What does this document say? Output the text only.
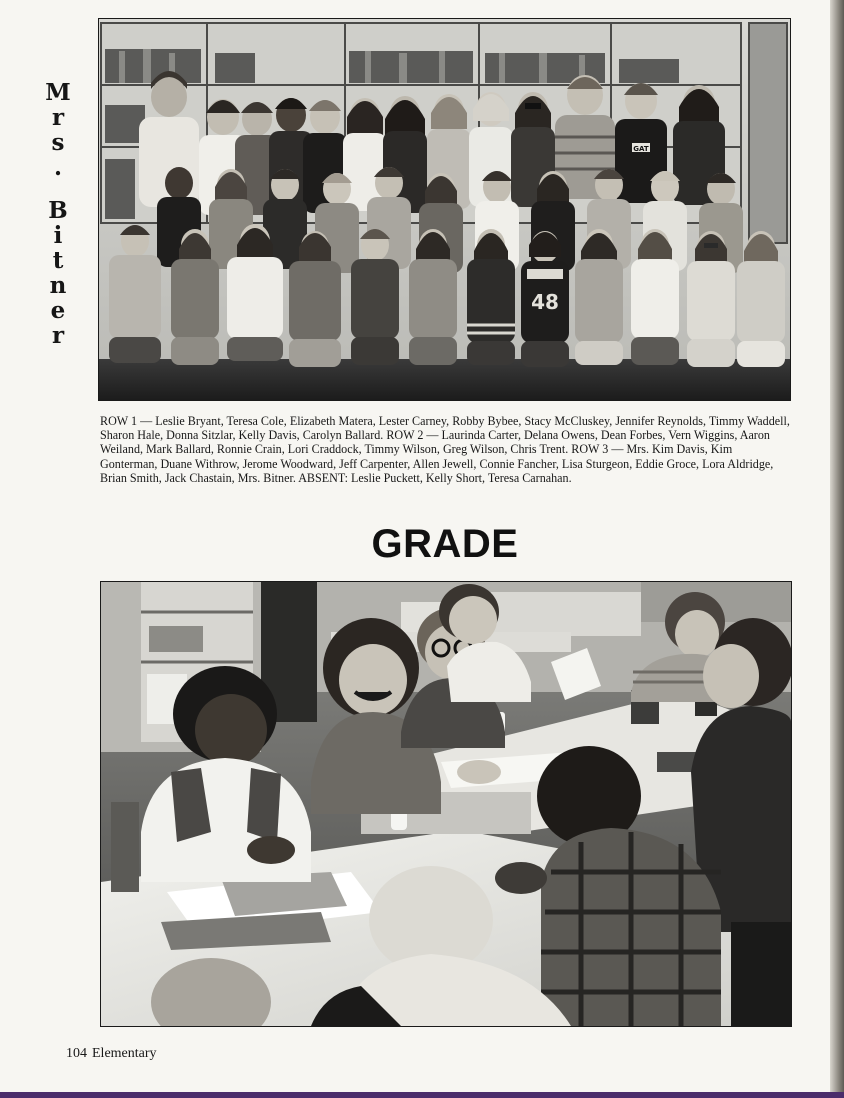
M
r
s
.
B
i
t
n
e
r
GAT
48
ROW 1 — Leslie Bryant, Teresa Cole, Elizabeth Matera, Lester Carney, Robby Bybee, Stacy McCluskey, Jennifer Reynolds, Timmy Waddell, Sharon Hale, Donna Sitzlar, Kelly Davis, Carolyn Ballard. ROW 2 — Laurinda Carter, Delana Owens, Dean Forbes, Vern Wiggins, Aaron Weiland, Mark Ballard, Ronnie Crain, Lori Craddock, Timmy Wilson, Greg Wilson, Chris Trent. ROW 3 — Mrs. Kim Davis, Kim Gonterman, Duane Withrow, Jerome Woodward, Jeff Carpenter, Allen Jewell, Connie Fancher, Lisa Sturgeon, Eddie Groce, Lora Aldridge, Brian Smith, Jack Chastain, Mrs. Bitner. ABSENT: Leslie Puckett, Kelly Short, Teresa Carnahan.
GRADE
104 Elementary
